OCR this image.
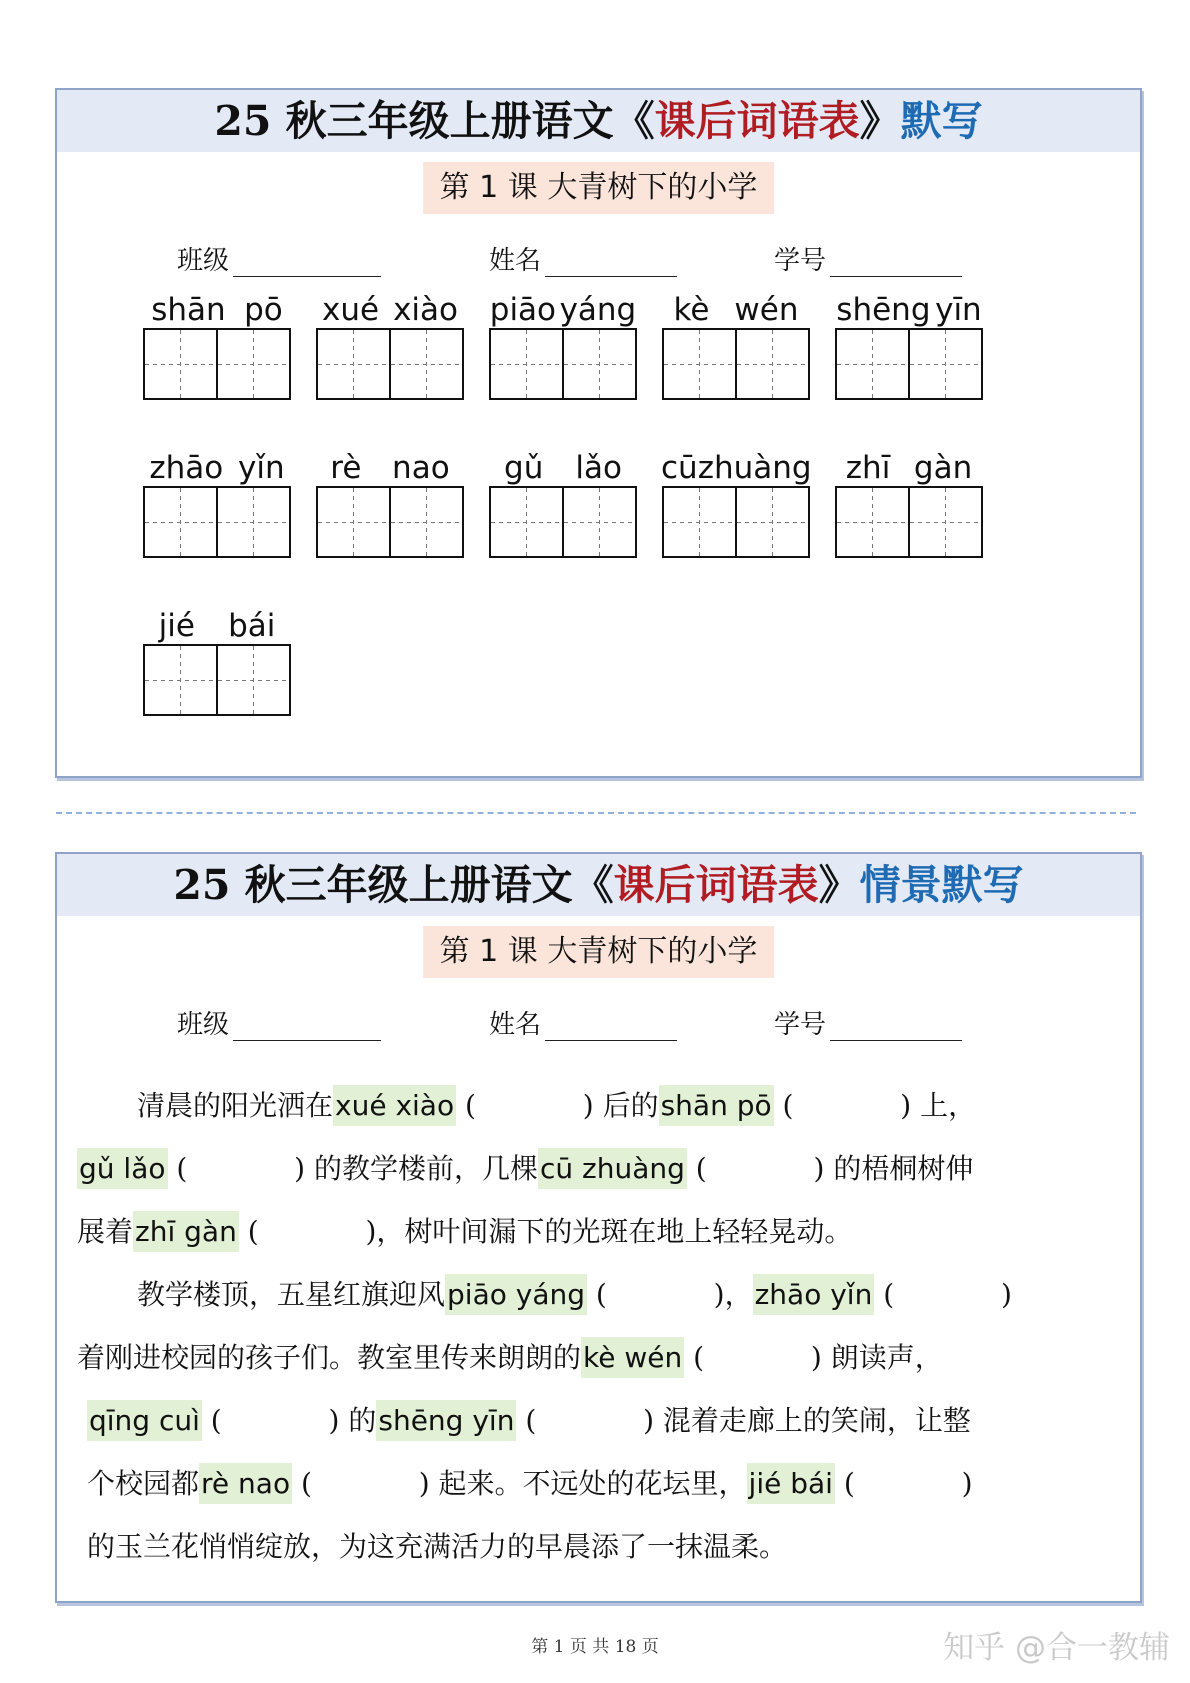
25 秋三年级上册语文《课后词语表》默写
第 1 课 大青树下的小学
班级	姓名	学号
shān pō xué xiào piāo yáng kè wén shēng yīn
zhāo yǐn rè nao gǔ lǎo cū zhuàng zhī gàn
jié bái
25 秋三年级上册语文《课后词语表》情景默写
第 1 课 大青树下的小学
班级	姓名	学号

清晨的阳光洒在xué xiào (            ) 后的shān pō (            ) 上，

gǔ lǎo (            ) 的教学楼前，几棵cū zhuàng (            ) 的梧桐树伸

展着zhī gàn (            )，树叶间漏下的光斑在地上轻轻晃动。

教学楼顶，五星红旗迎风piāo yáng (            )，zhāo yǐn (            )

着刚进校园的孩子们。教室里传来朗朗的kè wén (            ) 朗读声，

qīng cuì (            ) 的shēng yīn (            ) 混着走廊上的笑闹，让整

个校园都rè nao (            ) 起来。不远处的花坛里，jié bái (            )

的玉兰花悄悄绽放，为这充满活力的早晨添了一抹温柔。

第 1 页 共 18 页	知乎 @合一教辅
